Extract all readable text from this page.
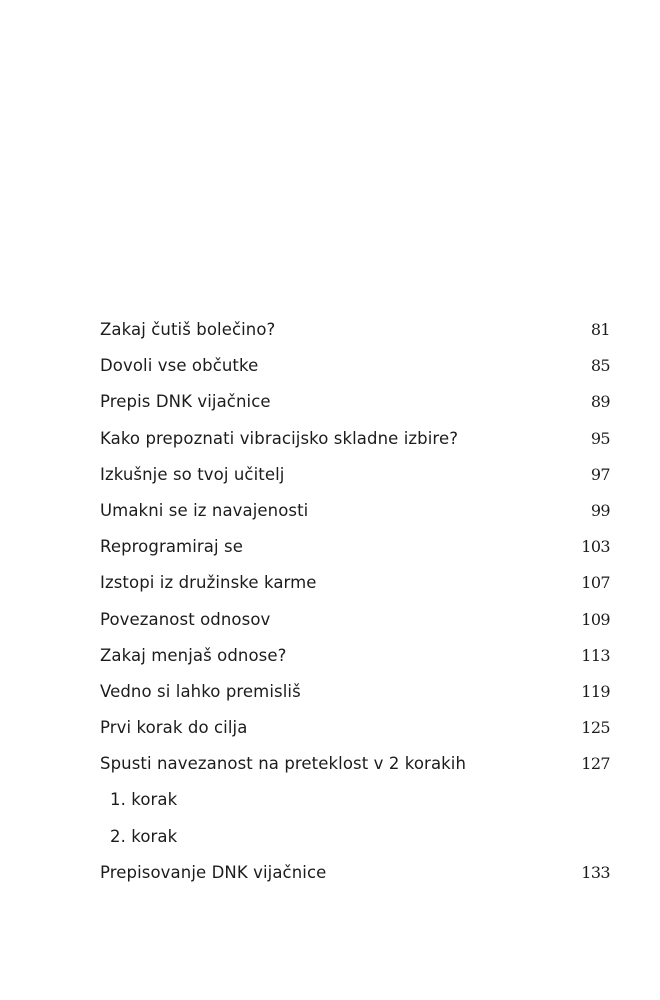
Zakaj čutiš bolečino?	81
Dovoli vse občutke	85
Prepis DNK vijačnice	89
Kako prepoznati vibracijsko skladne izbire?	95
Izkušnje so tvoj učitelj	97
Umakni se iz navajenosti	99
Reprogramiraj se	103
Izstopi iz družinske karme	107
Povezanost odnosov	109
Zakaj menjaš odnose?	113
Vedno si lahko premisliš	119
Prvi korak do cilja	125
Spusti navezanost na preteklost v 2 korakih	127
1. korak
2. korak
Prepisovanje DNK vijačnice	133
